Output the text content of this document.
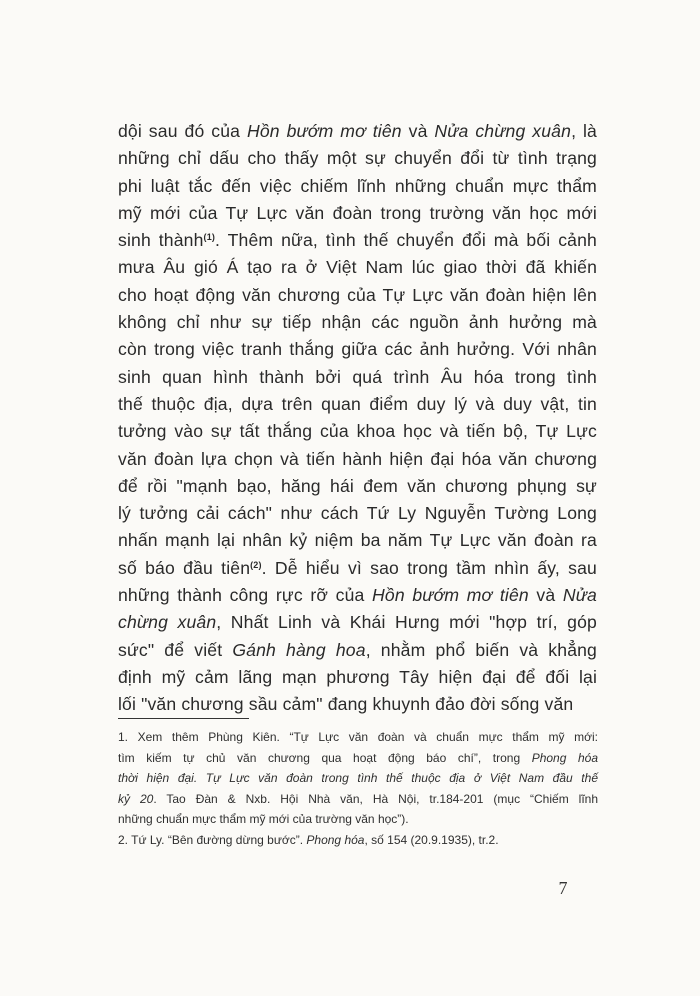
dội sau đó của Hồn bướm mơ tiên và Nửa chừng xuân, là
những chỉ dấu cho thấy một sự chuyển đổi từ tình trạng
phi luật tắc đến việc chiếm lĩnh những chuẩn mực thẩm
mỹ mới của Tự Lực văn đoàn trong trường văn học mới
sinh thành$^{(1)}$. Thêm nữa, tình thế chuyển đổi mà bối cảnh
mưa Âu gió Á tạo ra ở Việt Nam lúc giao thời đã khiến
cho hoạt động văn chương của Tự Lực văn đoàn hiện lên
không chỉ như sự tiếp nhận các nguồn ảnh hưởng mà
còn trong việc tranh thắng giữa các ảnh hưởng. Với nhân
sinh quan hình thành bởi quá trình Âu hóa trong tình
thế thuộc địa, dựa trên quan điểm duy lý và duy vật, tin
tưởng vào sự tất thắng của khoa học và tiến bộ, Tự Lực
văn đoàn lựa chọn và tiến hành hiện đại hóa văn chương
để rồi "mạnh bạo, hăng hái đem văn chương phụng sự
lý tưởng cải cách" như cách Tứ Ly Nguyễn Tường Long
nhấn mạnh lại nhân kỷ niệm ba năm Tự Lực văn đoàn ra
số báo đầu tiên$^{(2)}$. Dễ hiểu vì sao trong tầm nhìn ấy, sau
những thành công rực rỡ của Hồn bướm mơ tiên và Nửa
chừng xuân, Nhất Linh và Khái Hưng mới "hợp trí, góp
sức" để viết Gánh hàng hoa, nhằm phổ biến và khẳng
định mỹ cảm lãng mạn phương Tây hiện đại để đối lại
lối "văn chương sầu cảm" đang khuynh đảo đời sống văn
1. Xem thêm Phùng Kiên. “Tự Lực văn đoàn và chuẩn mực thẩm mỹ mới:
tìm kiếm tự chủ văn chương qua hoạt động báo chí”, trong Phong hóa
thời hiện đại. Tự Lực văn đoàn trong tình thế thuộc địa ở Việt Nam đầu thế
kỷ 20. Tao Đàn & Nxb. Hội Nhà văn, Hà Nội, tr.184-201 (mục “Chiếm lĩnh
những chuẩn mực thẩm mỹ mới của trường văn học”).
2. Tứ Ly. “Bên đường dừng bước”. Phong hóa, số 154 (20.9.1935), tr.2.
7
